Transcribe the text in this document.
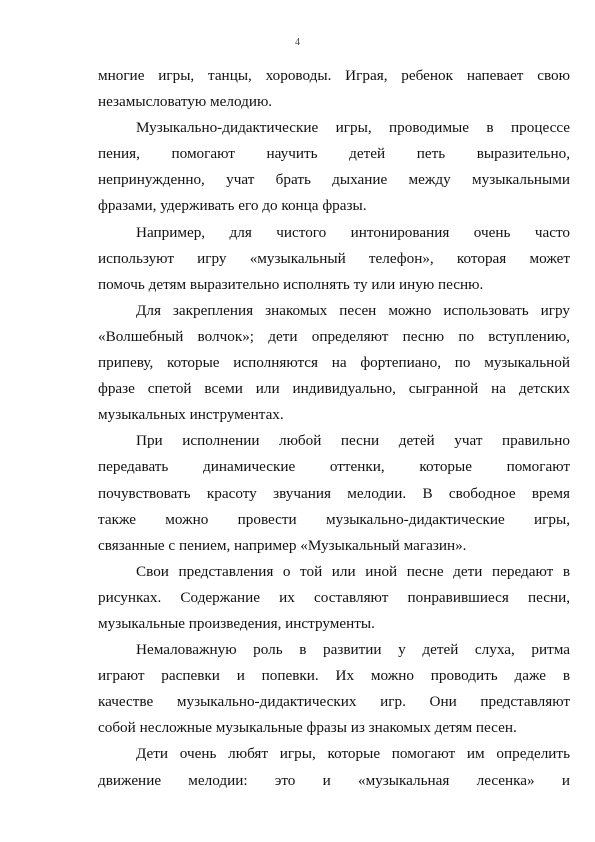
4
многие игры, танцы, хороводы. Играя, ребенок напевает свою
незамысловатую мелодию.
Музыкально-дидактические игры, проводимые в процессе
пения, помогают научить детей петь выразительно,
непринужденно, учат брать дыхание между музыкальными
фразами, удерживать его до конца фразы.
Например, для чистого интонирования очень часто
используют игру «музыкальный телефон», которая может
помочь детям выразительно исполнять ту или иную песню.
Для закрепления знакомых песен можно использовать игру
«Волшебный волчок»; дети определяют песню по вступлению,
припеву, которые исполняются на фортепиано, по музыкальной
фразе спетой всеми или индивидуально, сыгранной на детских
музыкальных инструментах.
При исполнении любой песни детей учат правильно
передавать динамические оттенки, которые помогают
почувствовать красоту звучания мелодии. В свободное время
также можно провести музыкально-дидактические игры,
связанные с пением, например «Музыкальный магазин».
Свои представления о той или иной песне дети передают в
рисунках. Содержание их составляют понравившиеся песни,
музыкальные произведения, инструменты.
Немаловажную роль в развитии у детей слуха, ритма
играют распевки и попевки. Их можно проводить даже в
качестве музыкально-дидактических игр. Они представляют
собой несложные музыкальные фразы из знакомых детям песен.
Дети очень любят игры, которые помогают им определить
движение мелодии: это и «музыкальная лесенка» и
